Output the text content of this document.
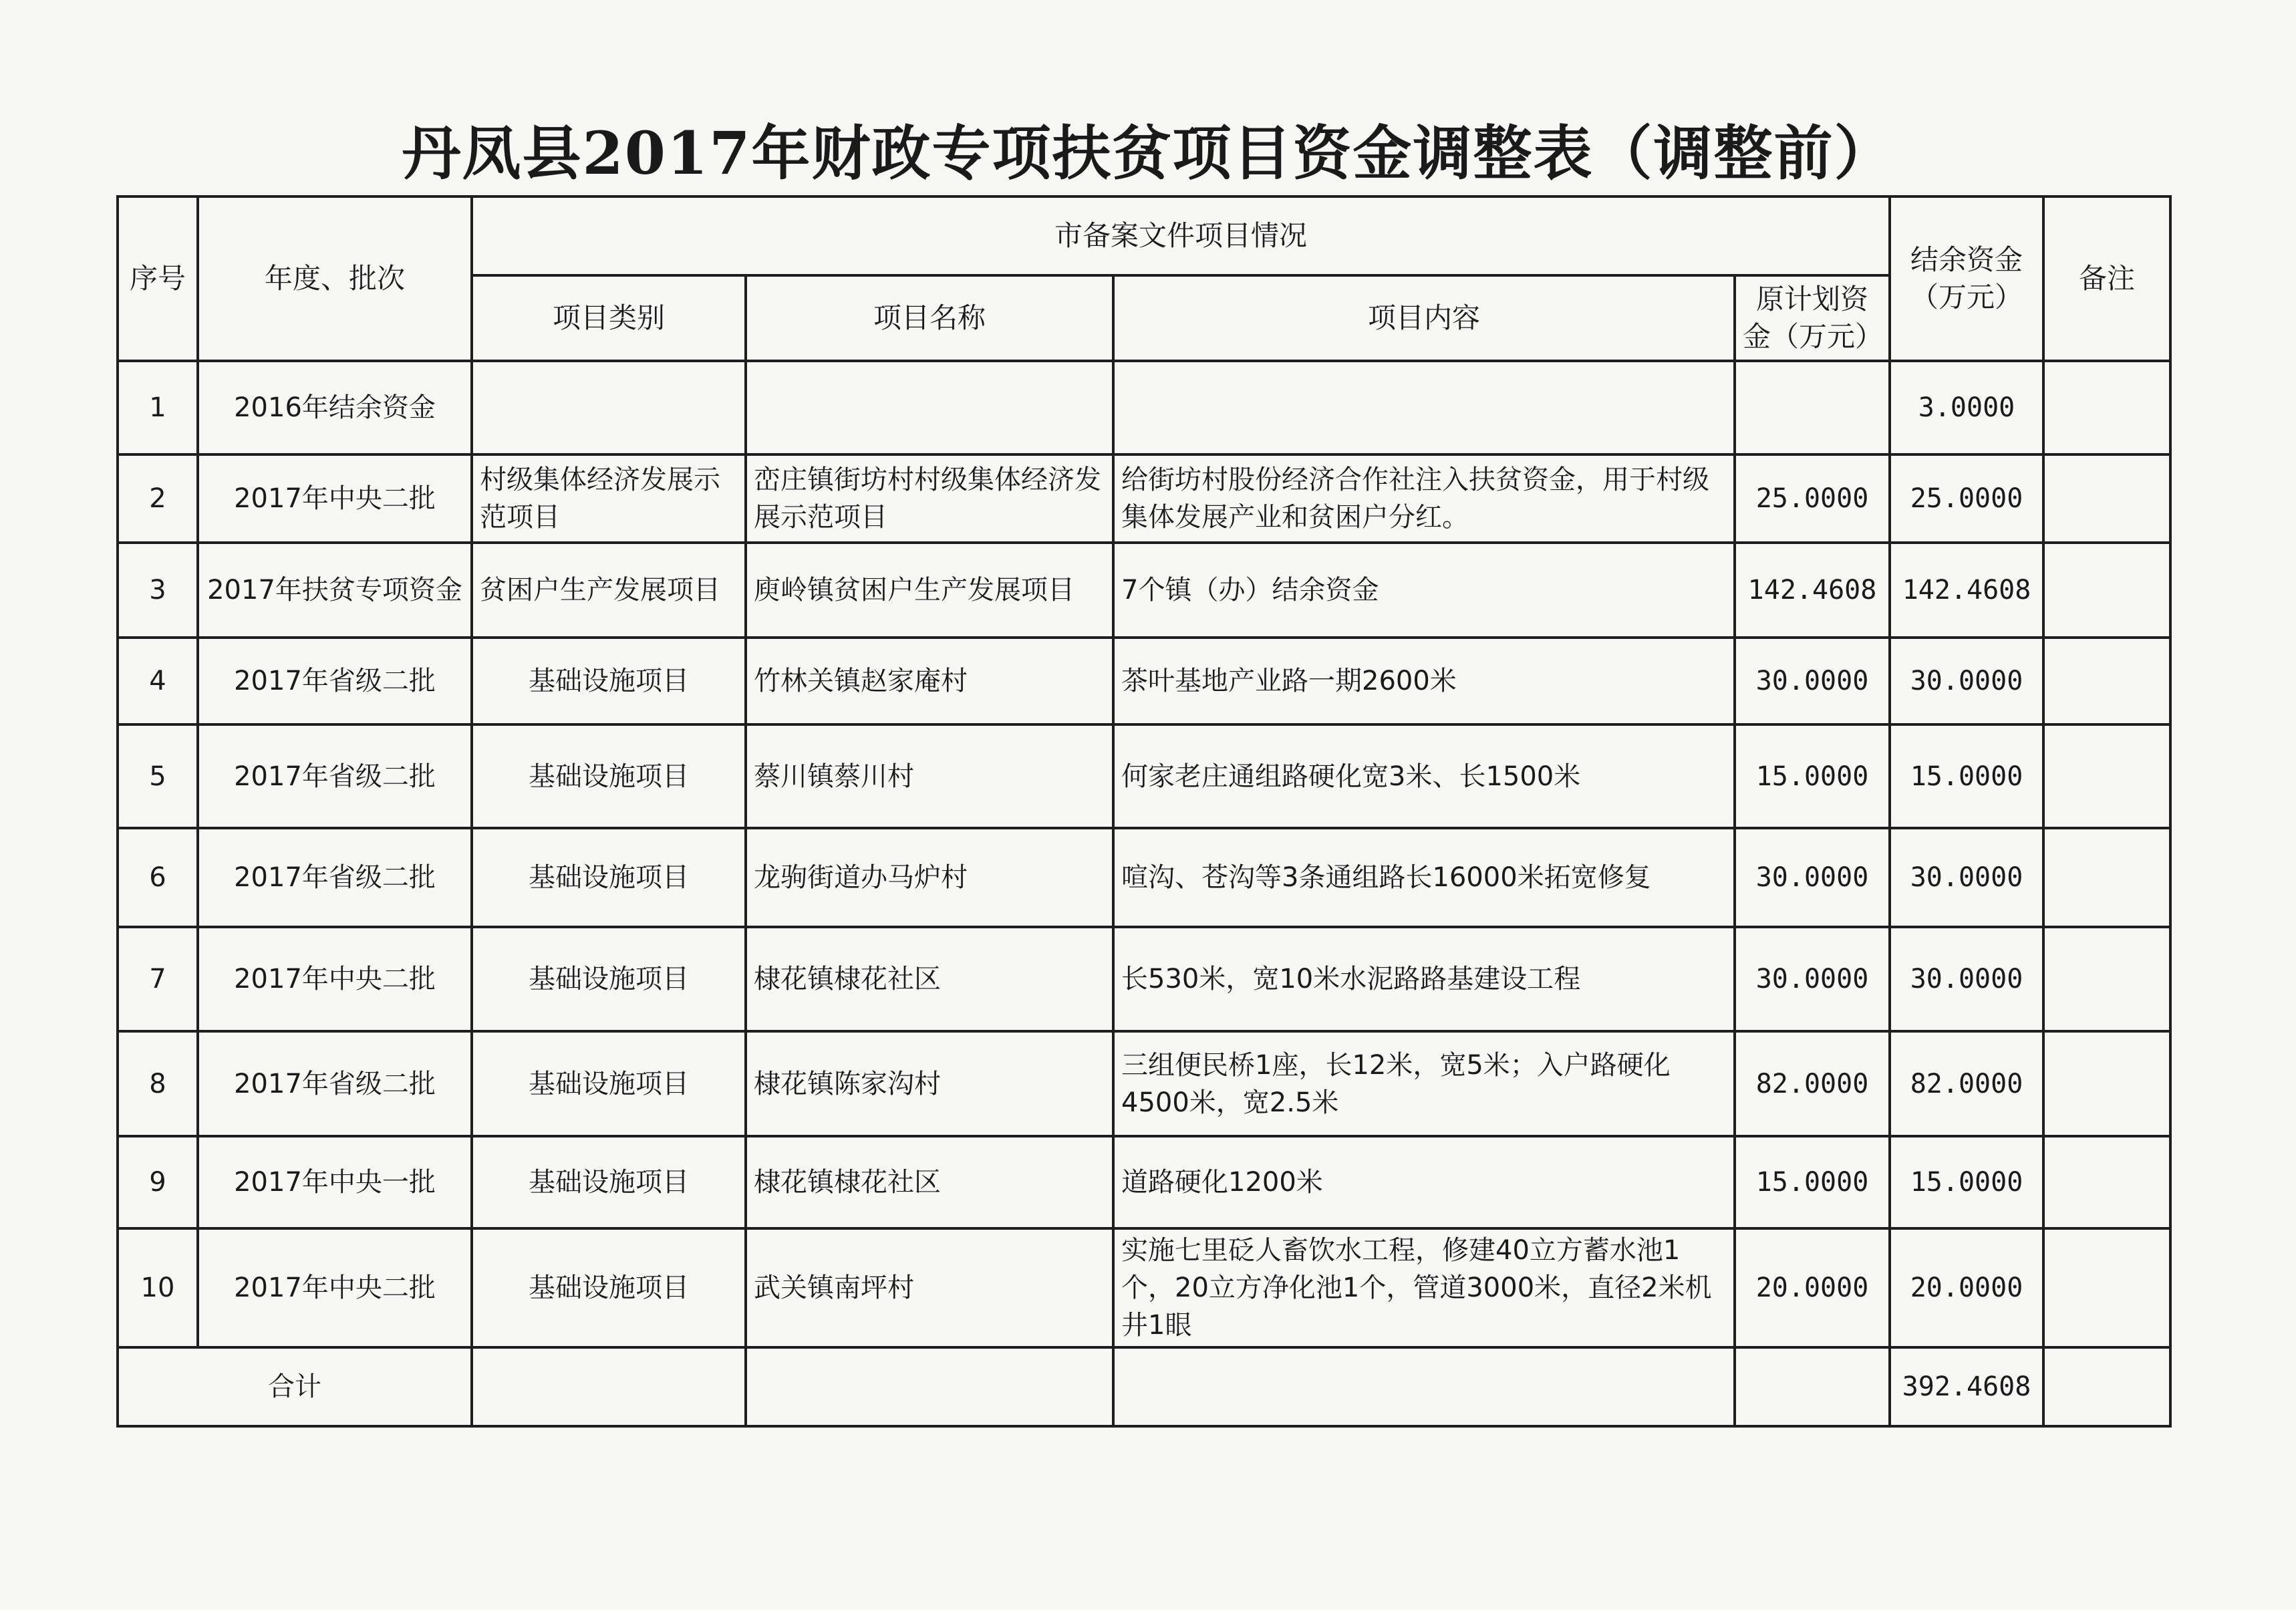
丹凤县2017年财政专项扶贫项目资金调整表（调整前）
序号	年度、批次	市备案文件项目情况				结余资金（万元）	备注
		项目类别	项目名称	项目内容	原计划资金（万元）		
1	2016年结余资金					3.0000	
2	2017年中央二批	村级集体经济发展示范项目	峦庄镇街坊村村级集体经济发展示范项目	给街坊村股份经济合作社注入扶贫资金，用于村级集体发展产业和贫困户分红。	25.0000	25.0000	
3	2017年扶贫专项资金	贫困户生产发展项目	庾岭镇贫困户生产发展项目	7个镇（办）结余资金	142.4608	142.4608	
4	2017年省级二批	基础设施项目	竹林关镇赵家庵村	茶叶基地产业路一期2600米	30.0000	30.0000	
5	2017年省级二批	基础设施项目	蔡川镇蔡川村	何家老庄通组路硬化宽3米、长1500米	15.0000	15.0000	
6	2017年省级二批	基础设施项目	龙驹街道办马炉村	喧沟、苍沟等3条通组路长16000米拓宽修复	30.0000	30.0000	
7	2017年中央二批	基础设施项目	棣花镇棣花社区	长530米，宽10米水泥路路基建设工程	30.0000	30.0000	
8	2017年省级二批	基础设施项目	棣花镇陈家沟村	三组便民桥1座，长12米，宽5米；入户路硬化4500米，宽2.5米	82.0000	82.0000	
9	2017年中央一批	基础设施项目	棣花镇棣花社区	道路硬化1200米	15.0000	15.0000	
10	2017年中央二批	基础设施项目	武关镇南坪村	实施七里砭人畜饮水工程，修建40立方蓄水池1个，20立方净化池1个，管道3000米，直径2米机井1眼	20.0000	20.0000	
合计						392.4608	
